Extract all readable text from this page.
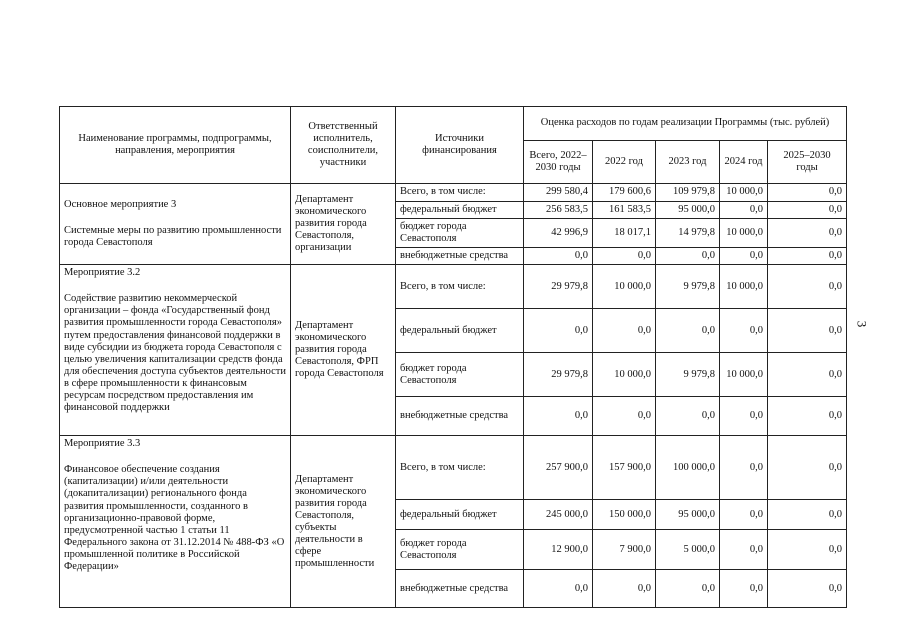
3
Наименование программы, подпрограммы, направления, мероприятия	Ответственный исполнитель, соисполнители, участники	Источники финансирования	Оценка расходов по годам реализации Программы (тыс. рублей)				
			Всего, 2022–2030 годы	2022 год	2023 год	2024 год	2025–2030 годы

Основное мероприятие 3
Системные меры по развитию промышленности города Севастополя	Департамент экономического развития города Севастополя, организации	Всего, в том числе:	299 580,4	179 600,6	109 979,8	10 000,0	0,0
		федеральный бюджет	256 583,5	161 583,5	95 000,0	0,0	0,0
		бюджет города Севастополя	42 996,9	18 017,1	14 979,8	10 000,0	0,0
		внебюджетные средства	0,0	0,0	0,0	0,0	0,0

Мероприятие 3.2
Содействие развитию некоммерческой организации – фонда «Государственный фонд развития промышленности города Севастополя» путем предоставления финансовой поддержки в виде субсидии из бюджета города Севастополя с целью увеличения капитализации средств фонда для обеспечения доступа субъектов деятельности в сфере промышленности к финансовым ресурсам посредством предоставления им финансовой поддержки	Департамент экономического развития города Севастополя, ФРП города Севастополя	Всего, в том числе:	29 979,8	10 000,0	9 979,8	10 000,0	0,0
		федеральный бюджет	0,0	0,0	0,0	0,0	0,0
		бюджет города Севастополя	29 979,8	10 000,0	9 979,8	10 000,0	0,0
		внебюджетные средства	0,0	0,0	0,0	0,0	0,0

Мероприятие 3.3
Финансовое обеспечение создания (капитализации) и/или деятельности (докапитализации) регионального фонда развития промышленности, созданного в организационно-правовой форме, предусмотренной частью 1 статьи 11 Федерального закона от 31.12.2014 № 488-ФЗ «О промышленной политике в Российской Федерации»	Департамент экономического развития города Севастополя, субъекты деятельности в сфере промышленности	Всего, в том числе:	257 900,0	157 900,0	100 000,0	0,0	0,0
		федеральный бюджет	245 000,0	150 000,0	95 000,0	0,0	0,0
		бюджет города Севастополя	12 900,0	7 900,0	5 000,0	0,0	0,0
		внебюджетные средства	0,0	0,0	0,0	0,0	0,0
